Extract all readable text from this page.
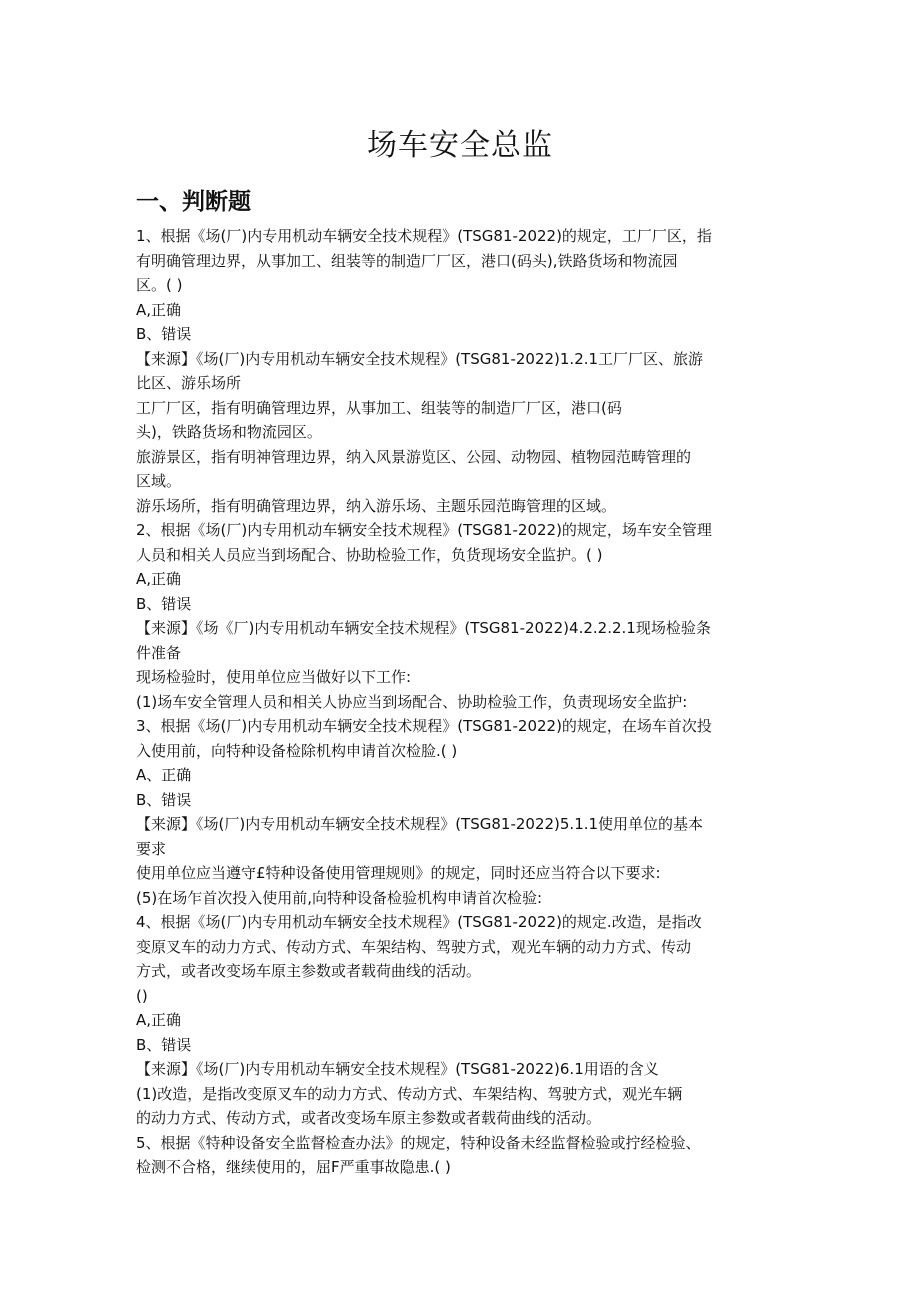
场车安全总监
一、判断题

1、根据《场(厂)内专用机动车辆安全技术规程》(TSG81-2022)的规定，工厂厂区，指

有明确管理边界，从事加工、组装等的制造厂厂区，港口(码头),铁路货场和物流园

区。( )

A,正确

B、错误

【来源】《场(厂)内专用机动车辆安全技术规程》(TSG81-2022)1.2.1工厂厂区、旅游

比区、游乐场所

工厂厂区，指有明确管理边界，从事加工、组装等的制造厂厂区，港口(码

头)，铁路货场和物流园区。

旅游景区，指有明神管理边界，纳入风景游览区、公园、动物园、植物园范畴管理的

区域。

游乐场所，指有明确管理边界，纳入游乐场、主题乐园范晦管理的区域。

2、根据《场(厂)内专用机动车辆安全技术规程》(TSG81-2022)的规定，场车安全管理

人员和相关人员应当到场配合、协助检验工作，负货现场安全监护。( )

A,正确

B、错误

【来源】《场《厂)内专用机动车辆安全技术规程》(TSG81-2022)4.2.2.2.1现场检验条

件准备

现场检验时，使用单位应当做好以下工作:

(1)场车安全管理人员和相关人协应当到场配合、协助检验工作，负责现场安全监护:

3、根据《场(厂)内专用机动车辆安全技术规程》(TSG81-2022)的规定，在场车首次投

入使用前，向特种设备检除机构申请首次检脸.( )

A、正确

B、错误

【来源】《场(厂)内专用机动车辆安全技术规程》(TSG81-2022)5.1.1使用单位的基本

要求

使用单位应当遵守£特种设备使用管理规则》的规定，同时还应当符合以下要求:

(5)在场乍首次投入使用前,向特种设备检验机构申请首次检验:

4、根据《场(厂)内专用机动车辆安全技术规程》(TSG81-2022)的规定.改造，是指改

变原叉车的动力方式、传动方式、车架结构、驾驶方式，观光车辆的动力方式、传动

方式，或者改变场车原主参数或者载荷曲线的活动。

()

A,正确

B、错误

【来源】《场(厂)内专用机动车辆安全技术规程》(TSG81-2022)6.1用语的含义

(1)改造，是指改变原叉车的动力方式、传动方式、车架结构、驾驶方式，观光车辆

的动力方式、传动方式，或者改变场车原主参数或者载荷曲线的活动。

5、根据《特种设备安全监督检查办法》的规定，特种设备未经监督检验或拧经检验、

检测不合格，继续使用的，屈F严重事故隐患.( )
